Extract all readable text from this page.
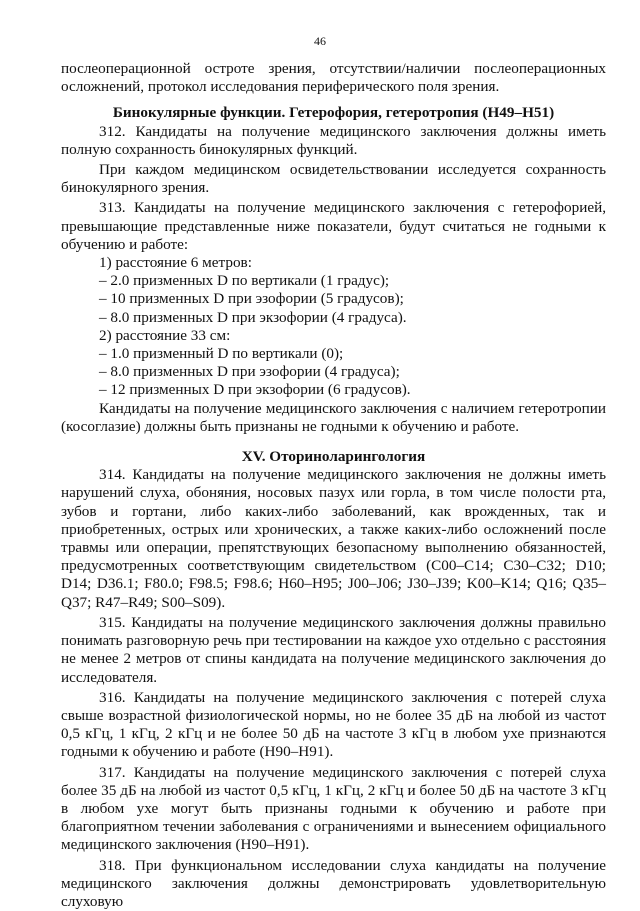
46

послеоперационной остроте зрения, отсутствии/наличии послеоперационных осложнений, протокол исследования периферического поля зрения.

Бинокулярные функции. Гетерофория, гетеротропия (H49–H51)

312. Кандидаты на получение медицинского заключения должны иметь полную сохранность бинокулярных функций.

При каждом медицинском освидетельствовании исследуется сохранность бинокулярного зрения.

313. Кандидаты на получение медицинского заключения с гетерофорией, превышающие представленные ниже показатели, будут считаться не годными к обучению и работе:

1) расстояние 6 метров:
– 2.0 призменных D по вертикали (1 градус);
– 10 призменных D при эзофории (5 градусов);
– 8.0 призменных D при экзофории (4 градуса).
2) расстояние 33 см:
– 1.0 призменный D по вертикали (0);
– 8.0 призменных D при эзофории (4 градуса);
– 12 призменных D при экзофории (6 градусов).

Кандидаты на получение медицинского заключения с наличием гетеротропии (косоглазие) должны быть признаны не годными к обучению и работе.

XV. Оториноларингология

314. Кандидаты на получение медицинского заключения не должны иметь нарушений слуха, обоняния, носовых пазух или горла, в том числе полости рта, зубов и гортани, либо каких-либо заболеваний, как врожденных, так и приобретенных, острых или хронических, а также каких-либо осложнений после травмы или операции, препятствующих безопасному выполнению обязанностей, предусмотренных соответствующим свидетельством (C00–C14; C30–C32; D10; D14; D36.1; F80.0; F98.5; F98.6; H60–H95; J00–J06; J30–J39; K00–K14; Q16; Q35–Q37; R47–R49; S00–S09).

315. Кандидаты на получение медицинского заключения должны правильно понимать разговорную речь при тестировании на каждое ухо отдельно с расстояния не менее 2 метров от спины кандидата на получение медицинского заключения до исследователя.

316. Кандидаты на получение медицинского заключения с потерей слуха свыше возрастной физиологической нормы, но не более 35 дБ на любой из частот 0,5 кГц, 1 кГц, 2 кГц и не более 50 дБ на частоте 3 кГц в любом ухе признаются годными к обучению и работе (H90–H91).

317. Кандидаты на получение медицинского заключения с потерей слуха более 35 дБ на любой из частот 0,5 кГц, 1 кГц, 2 кГц и более 50 дБ на частоте 3 кГц в любом ухе могут быть признаны годными к обучению и работе при благоприятном течении заболевания с ограничениями и вынесением официального медицинского заключения (H90–H91).

318. При функциональном исследовании слуха кандидаты на получение медицинского заключения должны демонстрировать удовлетворительную слуховую
